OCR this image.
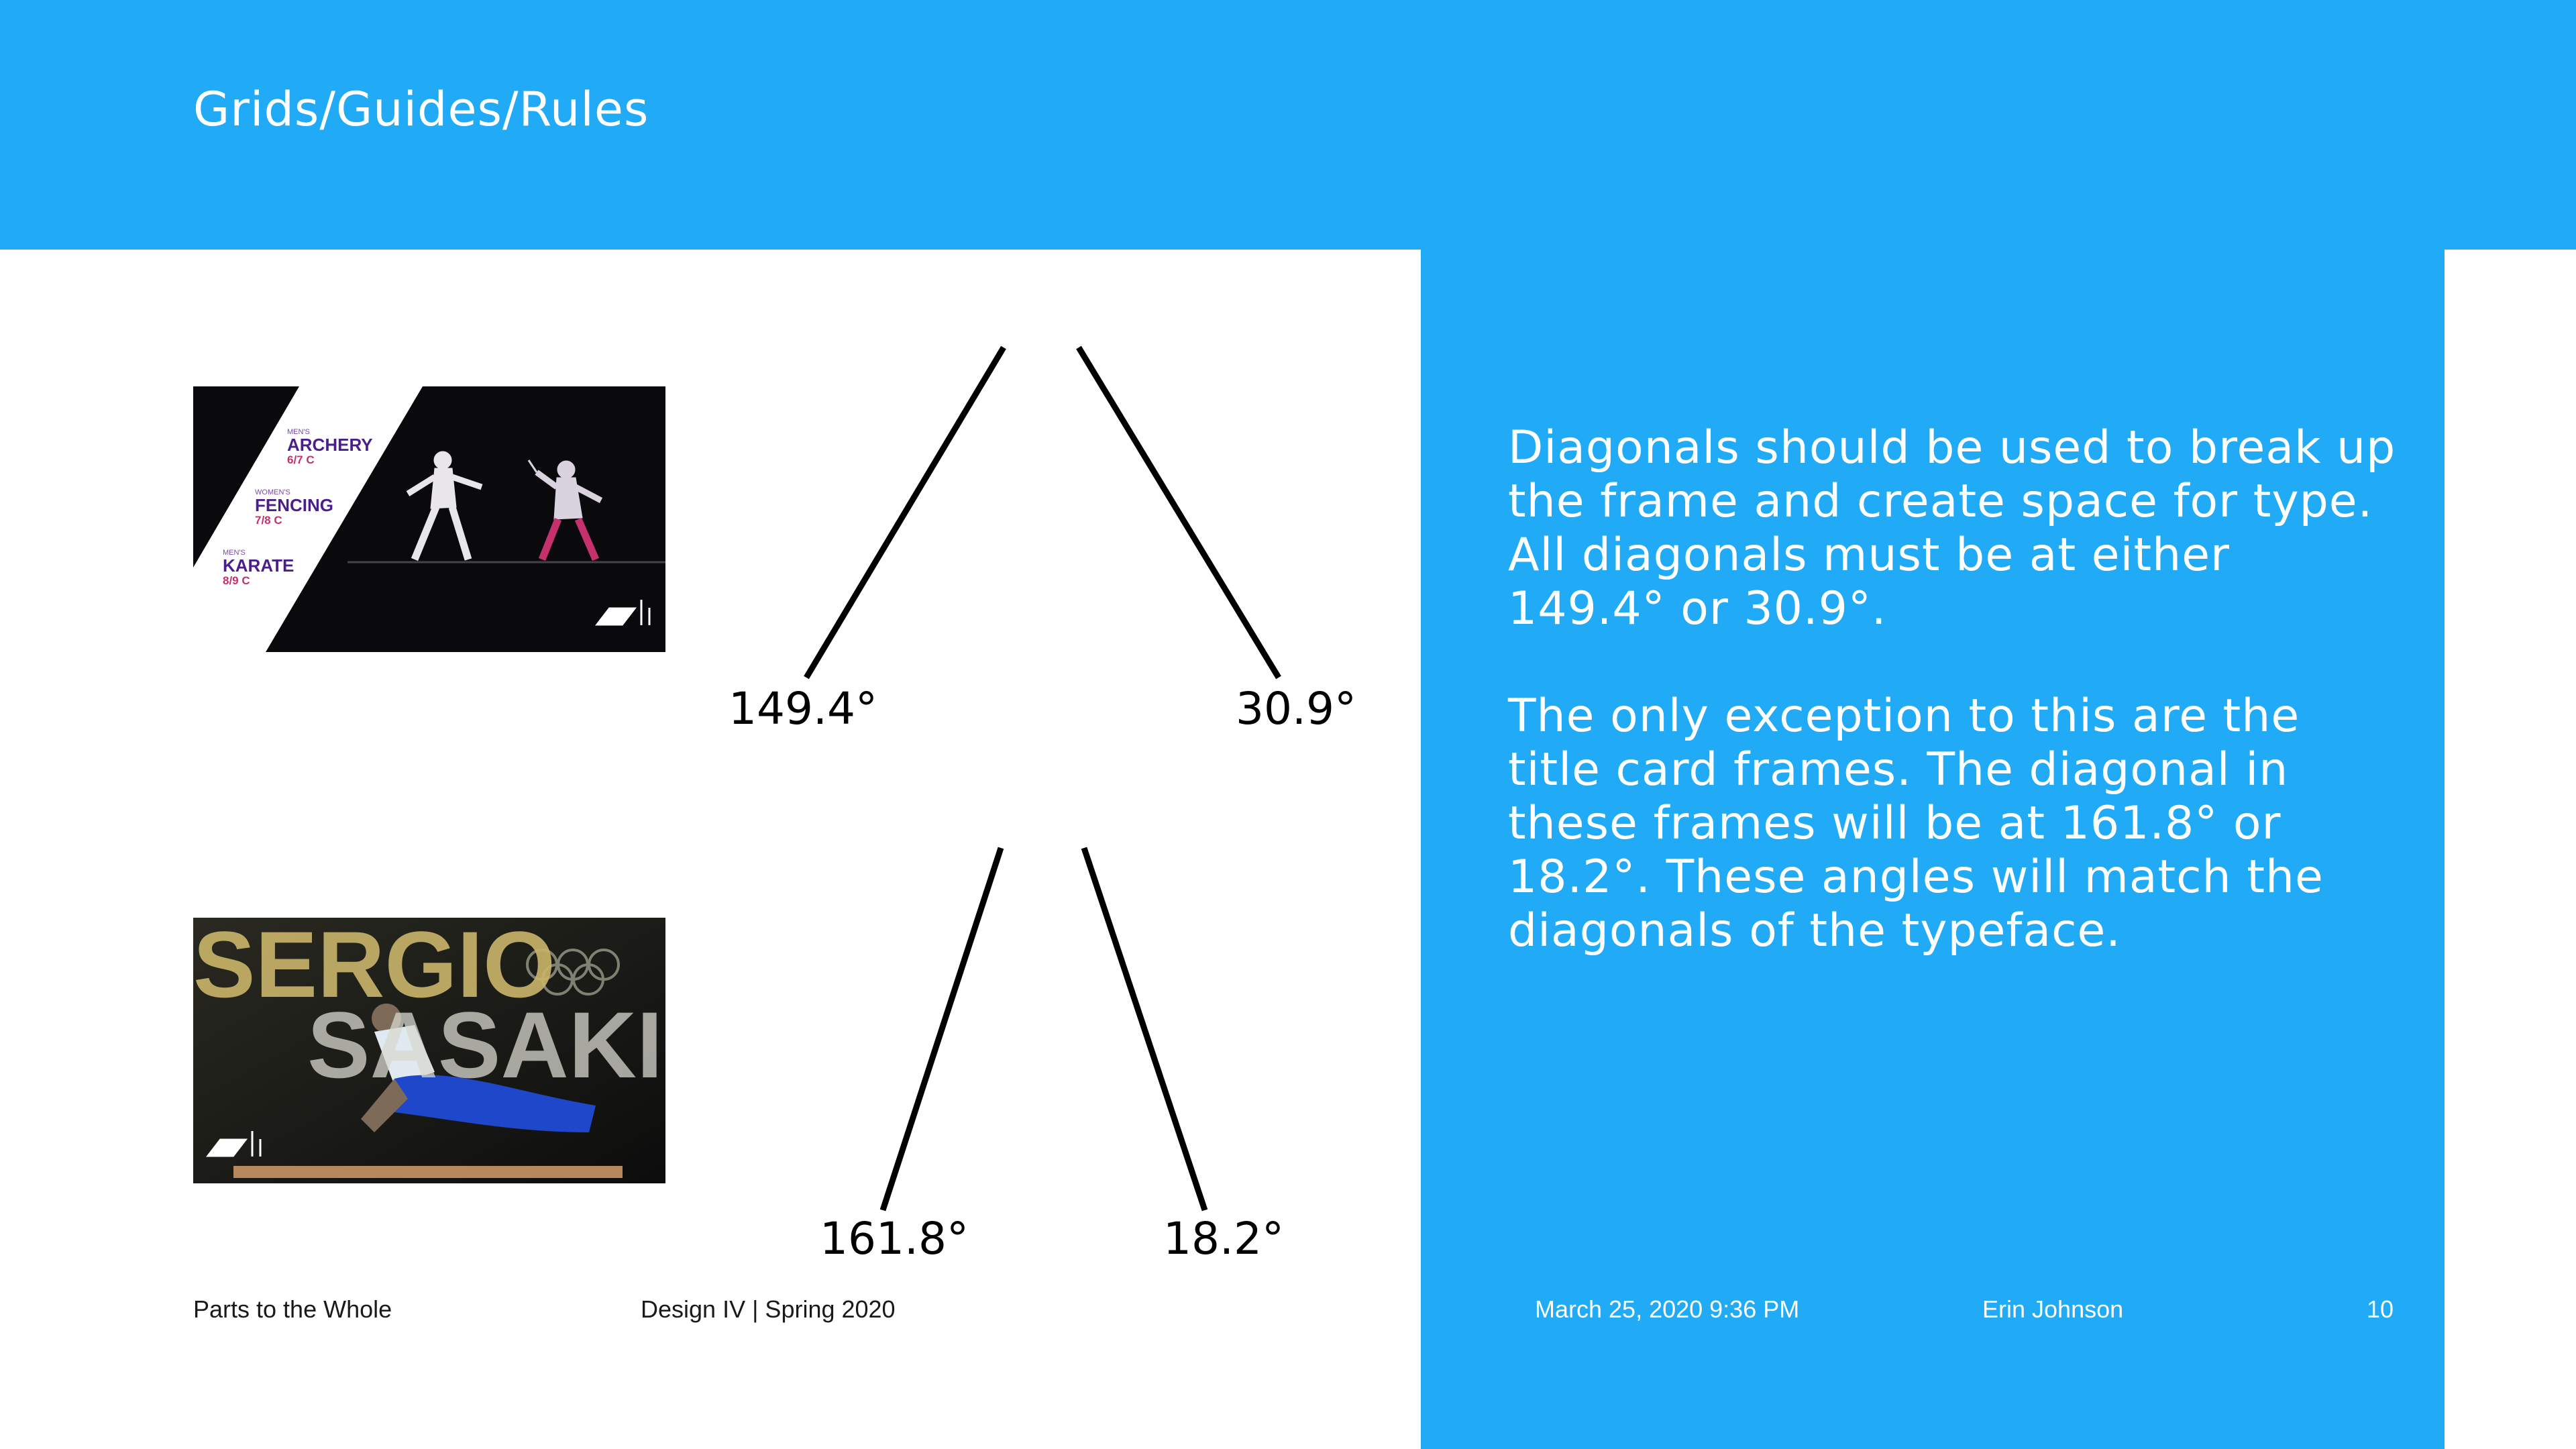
Grids/Guides/Rules

Diagonals should be used to break up the frame and create space for type. All diagonals must be at either 149.4° or 30.9°.

The only exception to this are the title card frames. The diagonal in these frames will be at 161.8° or 18.2°. These angles will match the diagonals of the typeface.

MEN'S
ARCHERY
6/7 C
WOMEN'S
FENCING
7/8 C
MEN'S
KARATE
8/9 C
SERGIO
SASAKI
149.4°	30.9°
161.8°	18.2°
Parts to the Whole	Design IV | Spring 2020	March 25, 2020 9:36 PM	Erin Johnson	10
